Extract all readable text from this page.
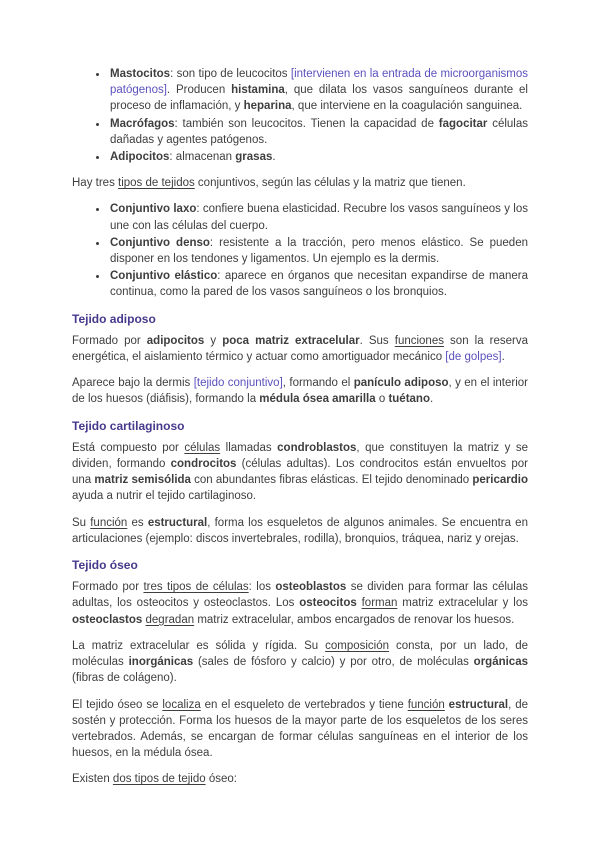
• Mastocitos: son tipo de leucocitos [intervienen en la entrada de microorganismos patógenos]. Producen histamina, que dilata los vasos sanguíneos durante el proceso de inflamación, y heparina, que interviene en la coagulación sanguinea.
• Macrófagos: también son leucocitos. Tienen la capacidad de fagocitar células dañadas y agentes patógenos.
• Adipocitos: almacenan grasas.

Hay tres tipos de tejidos conjuntivos, según las células y la matriz que tienen.

• Conjuntivo laxo: confiere buena elasticidad. Recubre los vasos sanguíneos y los une con las células del cuerpo.
• Conjuntivo denso: resistente a la tracción, pero menos elástico. Se pueden disponer en los tendones y ligamentos. Un ejemplo es la dermis.
• Conjuntivo elástico: aparece en órganos que necesitan expandirse de manera continua, como la pared de los vasos sanguíneos o los bronquios.
Tejido adiposo

Formado por adipocitos y poca matriz extracelular. Sus funciones son la reserva energética, el aislamiento térmico y actuar como amortiguador mecánico [de golpes].

Aparece bajo la dermis [tejido conjuntivo], formando el panículo adiposo, y en el interior de los huesos (diáfisis), formando la médula ósea amarilla o tuétano.

Tejido cartilaginoso

Está compuesto por células llamadas condroblastos, que constituyen la matriz y se dividen, formando condrocitos (células adultas). Los condrocitos están envueltos por una matriz semisólida con abundantes fibras elásticas. El tejido denominado pericardio ayuda a nutrir el tejido cartilaginoso.

Su función es estructural, forma los esqueletos de algunos animales. Se encuentra en articulaciones (ejemplo: discos invertebrales, rodilla), bronquios, tráquea, nariz y orejas.

Tejido óseo

Formado por tres tipos de células: los osteoblastos se dividen para formar las células adultas, los osteocitos y osteoclastos. Los osteocitos forman matriz extracelular y los osteoclastos degradan matriz extracelular, ambos encargados de renovar los huesos.

La matriz extracelular es sólida y rígida. Su composición consta, por un lado, de moléculas inorgánicas (sales de fósforo y calcio) y por otro, de moléculas orgánicas (fibras de colágeno).

El tejido óseo se localiza en el esqueleto de vertebrados y tiene función estructural, de sostén y protección. Forma los huesos de la mayor parte de los esqueletos de los seres vertebrados. Además, se encargan de formar células sanguíneas en el interior de los huesos, en la médula ósea.

Existen dos tipos de tejido óseo:
